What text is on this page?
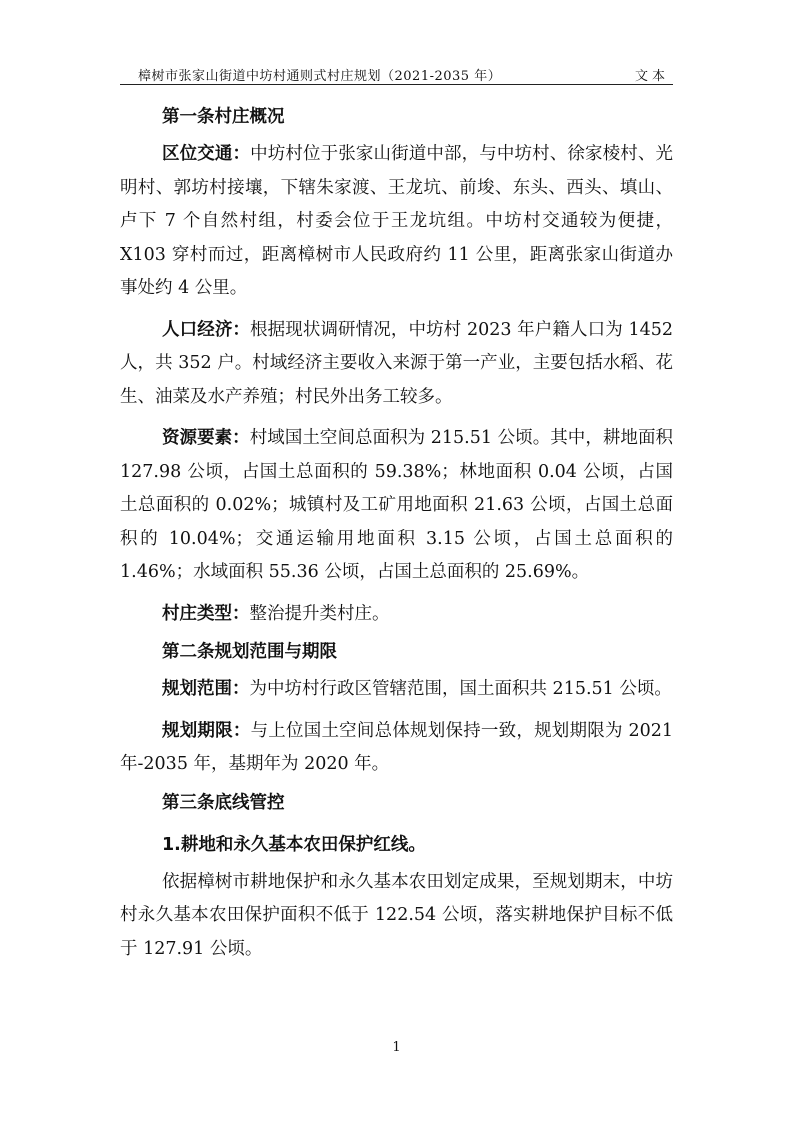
樟树市张家山街道中坊村通则式村庄规划（2021-2035 年）	文本
第一条村庄概况

区位交通：中坊村位于张家山街道中部，与中坊村、徐家棱村、光明村、郭坊村接壤，下辖朱家渡、王龙坑、前埈、东头、西头、填山、卢下 7 个自然村组，村委会位于王龙坑组。中坊村交通较为便捷，X103 穿村而过，距离樟树市人民政府约 11 公里，距离张家山街道办事处约 4 公里。

人口经济：根据现状调研情况，中坊村 2023 年户籍人口为 1452 人，共 352 户。村域经济主要收入来源于第一产业，主要包括水稻、花生、油菜及水产养殖；村民外出务工较多。

资源要素：村域国土空间总面积为 215.51 公顷。其中，耕地面积 127.98 公顷，占国土总面积的 59.38%；林地面积 0.04 公顷，占国土总面积的 0.02%；城镇村及工矿用地面积 21.63 公顷，占国土总面积的 10.04%；交通运输用地面积 3.15 公顷，占国土总面积的 1.46%；水域面积 55.36 公顷，占国土总面积的 25.69%。

村庄类型：整治提升类村庄。

第二条规划范围与期限

规划范围：为中坊村行政区管辖范围，国土面积共 215.51 公顷。

规划期限：与上位国土空间总体规划保持一致，规划期限为 2021 年-2035 年，基期年为 2020 年。

第三条底线管控
1.耕地和永久基本农田保护红线。

依据樟树市耕地保护和永久基本农田划定成果，至规划期末，中坊村永久基本农田保护面积不低于 122.54 公顷，落实耕地保护目标不低于 127.91 公顷。

1
